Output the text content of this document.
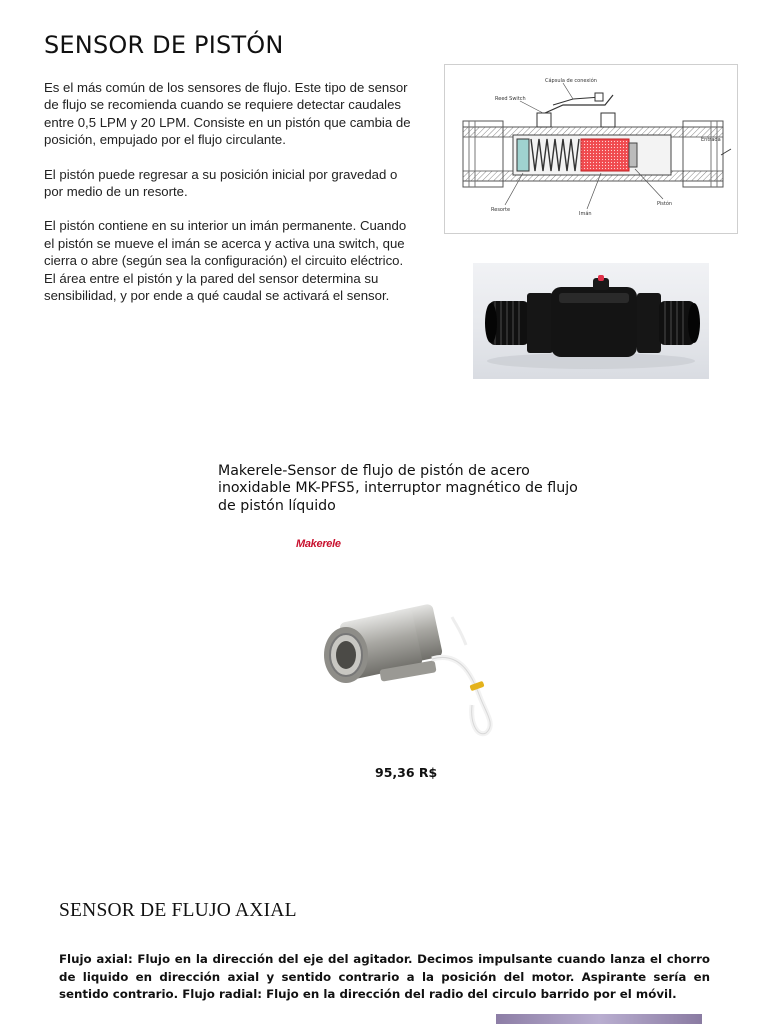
SENSOR DE PISTÓN

Es el más común de los sensores de flujo. Este tipo de sensor de flujo se recomienda cuando se requiere detectar caudales entre 0,5 LPM y 20 LPM. Consiste en un pistón que cambia de posición, empujado por el flujo circulante.

El pistón puede regresar a su posición inicial por gravedad o por medio de un resorte.

El pistón contiene en su interior un imán permanente. Cuando el pistón se mueve el imán se acerca y activa una switch, que cierra o abre (según sea la configuración) el circuito eléctrico.
El área entre el pistón y la pared del sensor determina su sensibilidad, y por ende a qué caudal se activará el sensor.

Cápsula de conexión
Reed Switch
Entrada
Resorte
Imán
Pistón
Makerele-Sensor de flujo de pistón de acero inoxidable MK-PFS5, interruptor magnético de flujo de pistón líquido
Makerele
95,36 R$
SENSOR DE FLUJO AXIAL
Flujo axial: Flujo en la dirección del eje del agitador. Decimos impulsante cuando lanza el chorro de liquido en dirección axial y sentido contrario a la posición del motor. Aspirante sería en sentido contrario. Flujo radial: Flujo en la dirección del radio del circulo barrido por el móvil.
